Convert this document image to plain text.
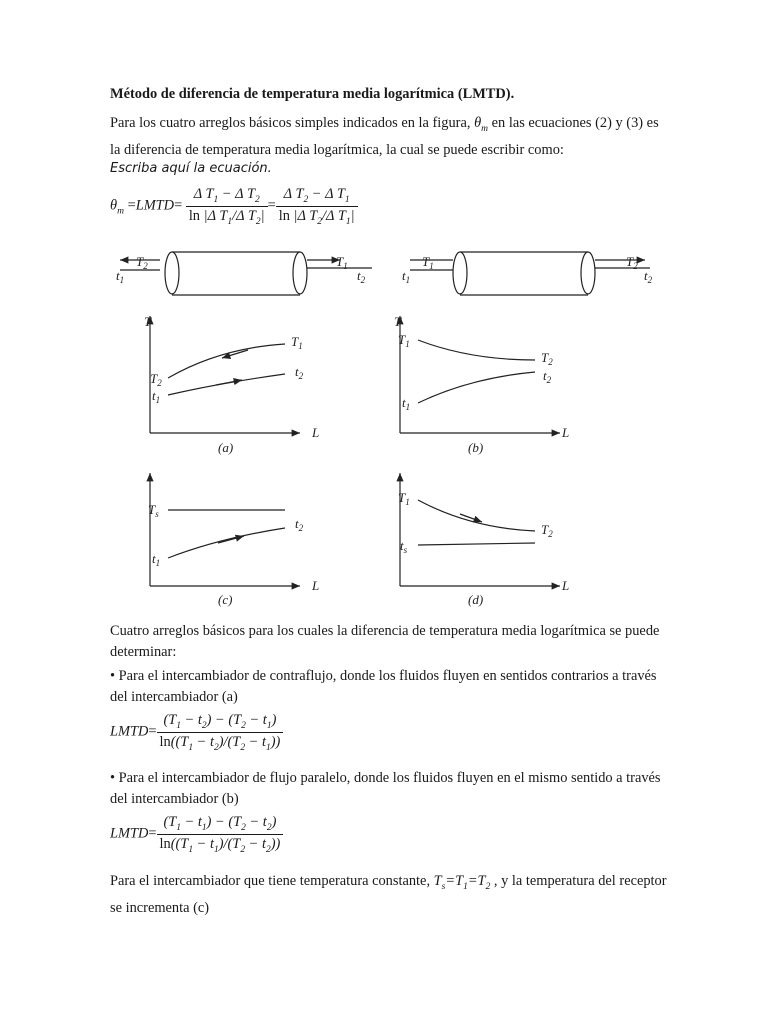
Método de diferencia de temperatura media logarítmica (LMTD).

Para los cuatro arreglos básicos simples indicados en la figura, $\theta_m$ en las ecuaciones (2) y (3) es la diferencia de temperatura media logarítmica, la cual se puede escribir como:

Escriba aquí la ecuación.

$\theta_m$ =LMTD= $\frac{\Delta T_1 - \Delta T_2}{\ln |\Delta T_1/\Delta T_2|} = \frac{\Delta T_2 - \Delta T_1}{\ln |\Delta T_2/\Delta T_1|}$
$T_2$
$t_1$
$T_1$
$t_2$
$T_1$
$t_1$
$T_2$
$t_2$
T
L
$T_2$
$t_1$
$T_1$
$t_2$
T
L
$T_1$
$t_1$
$T_2$
$t_2$
$T_s$
$t_1$
$t_2$
L
$T_1$
$t_s$
$T_2$
L
(a)	(b)
(c)	(d)

Cuatro arreglos básicos para los cuales la diferencia de temperatura media logarítmica se puede determinar:

• Para el intercambiador de contraflujo, donde los fluidos fluyen en sentidos contrarios a través del intercambiador (a)

LMTD= $\frac{(T_1 - t_2) - (T_2 - t_1)}{\ln((T_1 - t_2)/(T_2 - t_1))}$

• Para el intercambiador de flujo paralelo, donde los fluidos fluyen en el mismo sentido a través del intercambiador (b)

LMTD= $\frac{(T_1 - t_1) - (T_2 - t_2)}{\ln((T_1 - t_1)/(T_2 - t_2))}$

Para el intercambiador que tiene temperatura constante, $T_s=T_1=T_2$ , y la temperatura del receptor se incrementa (c)
